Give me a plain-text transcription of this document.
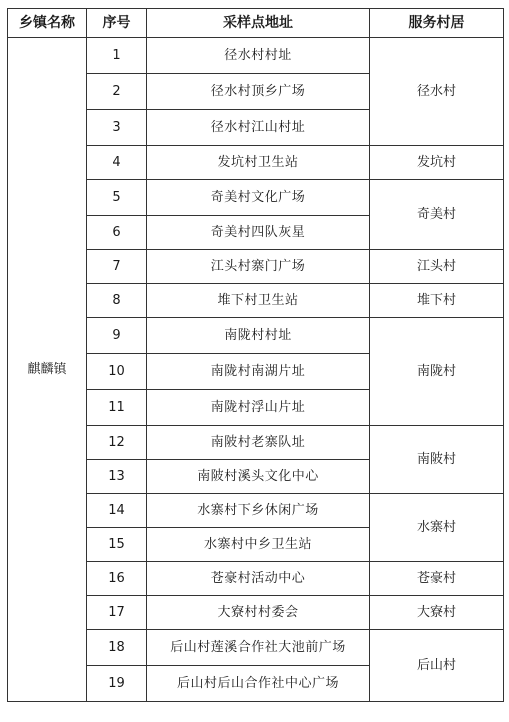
乡镇名称	序号	采样点地址	服务村居
麒麟镇	1	径水村村址	径水村
	2	径水村顶乡广场	
	3	径水村江山村址	
	4	发坑村卫生站	发坑村
	5	奇美村文化广场	奇美村
	6	奇美村四队灰星	
	7	江头村寨门广场	江头村
	8	堆下村卫生站	堆下村
	9	南陇村村址	南陇村
	10	南陇村南湖片址	
	11	南陇村浮山片址	
	12	南陂村老寨队址	南陂村
	13	南陂村溪头文化中心	
	14	水寨村下乡休闲广场	水寨村
	15	水寨村中乡卫生站	
	16	苍豪村活动中心	苍豪村
	17	大寮村村委会	大寮村
	18	后山村莲溪合作社大池前广场	后山村
	19	后山村后山合作社中心广场	
